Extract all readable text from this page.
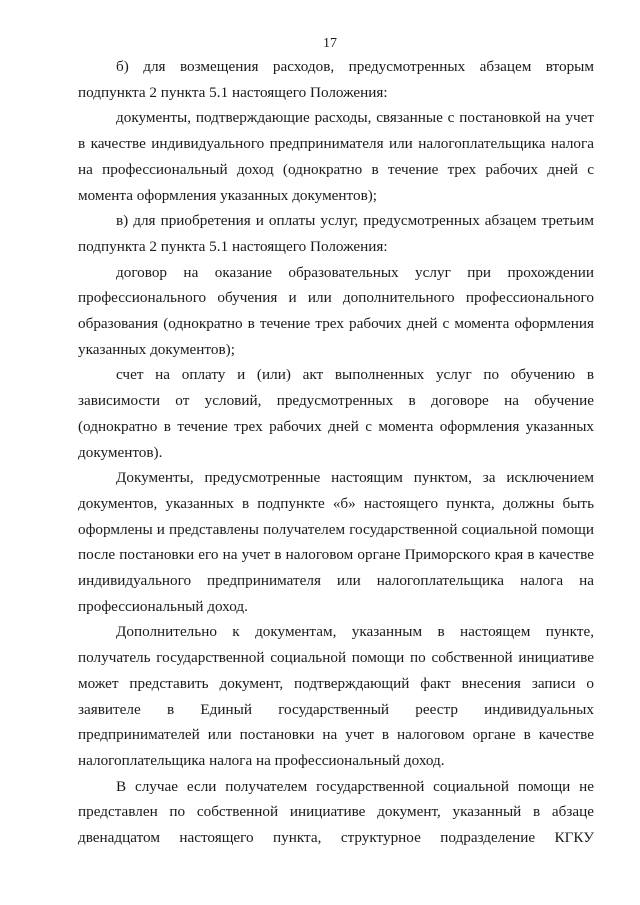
17

б) для возмещения расходов, предусмотренных абзацем вторым подпункта 2 пункта 5.1 настоящего Положения:

документы, подтверждающие расходы, связанные с постановкой на учет в качестве индивидуального предпринимателя или налогоплательщика налога на профессиональный доход (однократно в течение трех рабочих дней с момента оформления указанных документов);

в) для приобретения и оплаты услуг, предусмотренных абзацем третьим подпункта 2 пункта 5.1 настоящего Положения:

договор на оказание образовательных услуг при прохождении профессионального обучения и или дополнительного профессионального образования (однократно в течение трех рабочих дней с момента оформления указанных документов);

счет на оплату и (или) акт выполненных услуг по обучению в зависимости от условий, предусмотренных в договоре на обучение (однократно в течение трех рабочих дней с момента оформления указанных документов).

Документы, предусмотренные настоящим пунктом, за исключением документов, указанных в подпункте «б» настоящего пункта, должны быть оформлены и представлены получателем государственной социальной помощи после постановки его на учет в налоговом органе Приморского края в качестве индивидуального предпринимателя или налогоплательщика налога на профессиональный доход.

Дополнительно к документам, указанным в настоящем пункте, получатель государственной социальной помощи по собственной инициативе может представить документ, подтверждающий факт внесения записи о заявителе в Единый государственный реестр индивидуальных предпринимателей или постановки на учет в налоговом органе в качестве налогоплательщика налога на профессиональный доход.

В случае если получателем государственной социальной помощи не представлен по собственной инициативе документ, указанный в абзаце двенадцатом настоящего пункта, структурное подразделение КГКУ
